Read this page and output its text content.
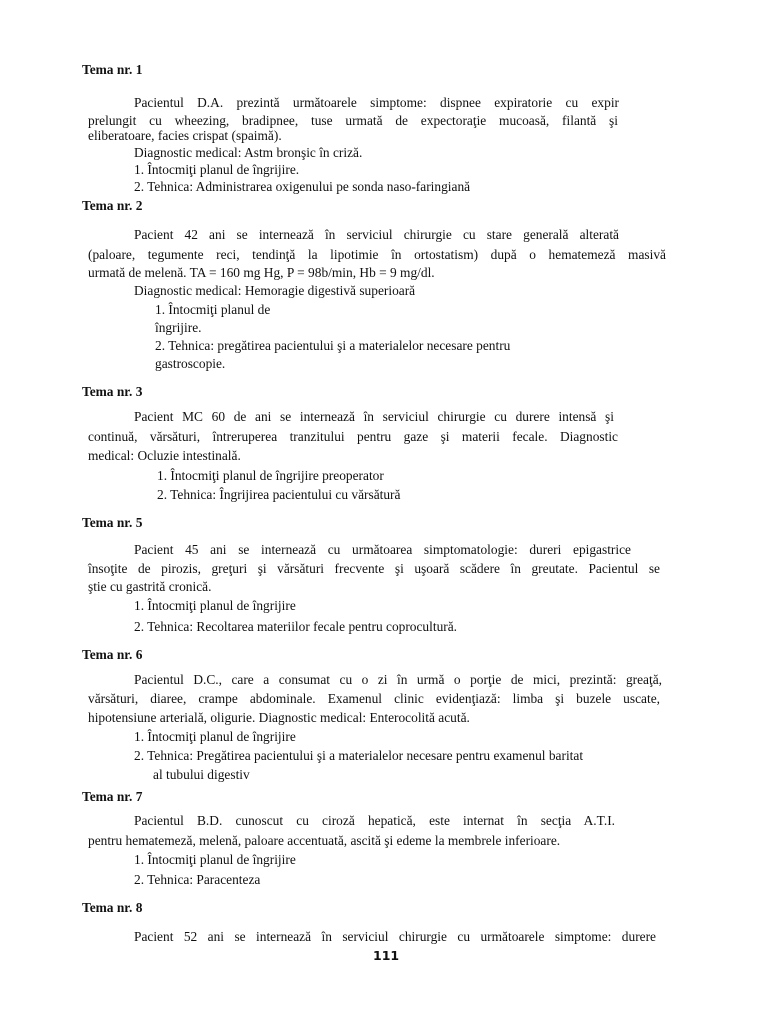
Tema nr. 1

Pacientul D.A. prezintă următoarele simptome: dispnee expiratorie cu expir

prelungit cu wheezing, bradipnee, tuse urmată de expectoraţie mucoasă, filantă şi

eliberatoare, facies crispat (spaimă).

Diagnostic medical: Astm bronşic în criză.

1. Întocmiţi planul de îngrijire.

2. Tehnica: Administrarea oxigenului pe sonda naso-faringiană

Tema nr. 2

Pacient 42 ani se internează în serviciul chirurgie cu stare generală alterată

(paloare, tegumente reci, tendinţă la lipotimie în ortostatism) după o hematemeză masivă

urmată de melenă. TA = 160 mg Hg, P = 98b/min, Hb = 9 mg/dl.

Diagnostic medical: Hemoragie digestivă superioară

1. Întocmiţi planul de

îngrijire.

2. Tehnica: pregătirea pacientului şi a materialelor necesare pentru

gastroscopie.

Tema nr. 3

Pacient MC 60 de ani se internează în serviciul chirurgie cu durere intensă şi

continuă, vărsături, întreruperea tranzitului pentru gaze şi materii fecale. Diagnostic

medical: Ocluzie intestinală.

1. Întocmiţi planul de îngrijire preoperator

2. Tehnica: Îngrijirea pacientului cu vărsătură

Tema nr. 5

Pacient 45 ani se internează cu următoarea simptomatologie: dureri epigastrice

însoţite de pirozis, greţuri şi vărsături frecvente şi uşoară scădere în greutate. Pacientul se

ştie cu gastrită cronică.

1. Întocmiţi planul de îngrijire

2. Tehnica: Recoltarea materiilor fecale pentru coprocultură.

Tema nr. 6

Pacientul D.C., care a consumat cu o zi în urmă o porţie de mici, prezintă: greaţă,

vărsături, diaree, crampe abdominale. Examenul clinic evidenţiază: limba şi buzele uscate,

hipotensiune arterială, oligurie. Diagnostic medical: Enterocolită acută.

1. Întocmiţi planul de îngrijire

2. Tehnica: Pregătirea pacientului şi a materialelor necesare pentru examenul baritat

al tubului digestiv

Tema nr. 7

Pacientul B.D. cunoscut cu ciroză hepatică, este internat în secţia A.T.I.

pentru hematemeză, melenă, paloare accentuată, ascită şi edeme la membrele inferioare.

1. Întocmiţi planul de îngrijire

2. Tehnica: Paracenteza

Tema nr. 8

Pacient 52 ani se internează în serviciul chirurgie cu următoarele simptome: durere

111
